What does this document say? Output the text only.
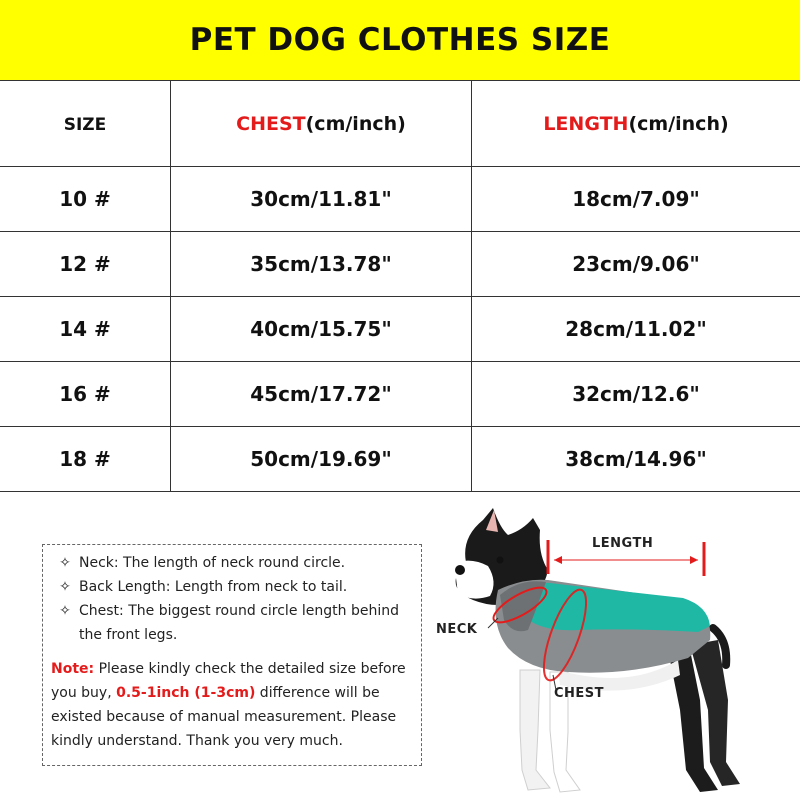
PET DOG CLOTHES SIZE
SIZE	CHEST(cm/inch)	LENGTH(cm/inch)
10 #	30cm/11.81"	18cm/7.09"
12 #	35cm/13.78"	23cm/9.06"
14 #	40cm/15.75"	28cm/11.02"
16 #	45cm/17.72"	32cm/12.6"
18 #	50cm/19.69"	38cm/14.96"
✧ Neck: The length of neck round circle.
✧ Back Length: Length from neck to tail.
✧ Chest: The biggest round circle length behind the front legs.
Note: Please kindly check the detailed size before you buy, 0.5-1inch (1-3cm) difference will be existed because of manual measurement. Please kindly understand. Thank you very much.
LENGTH
NECK
CHEST
